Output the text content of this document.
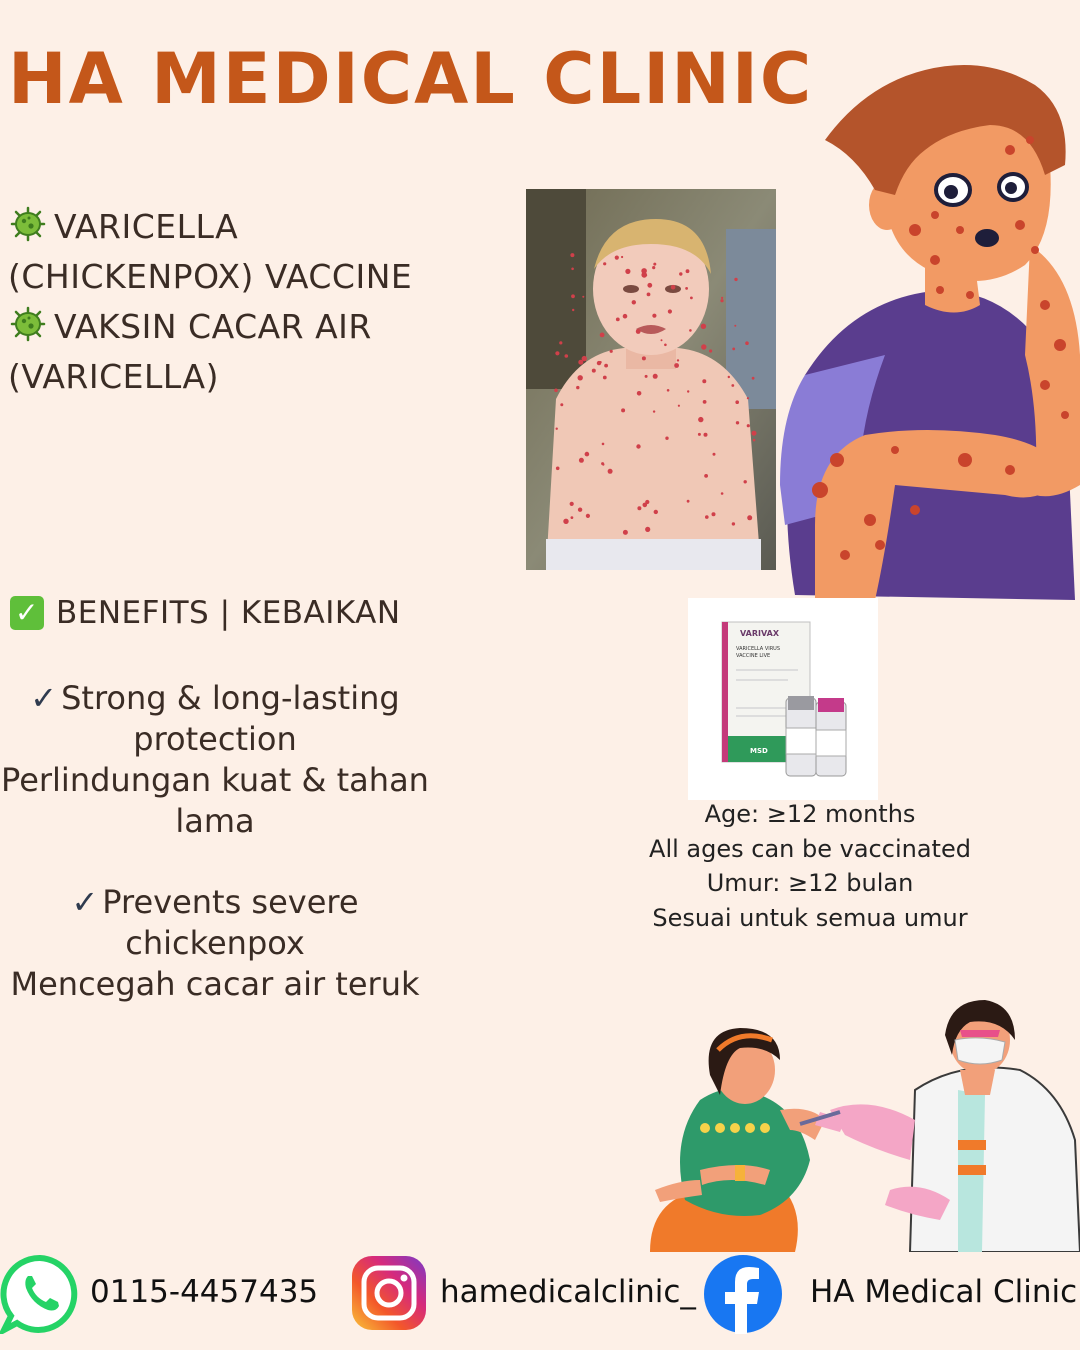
HA MEDICAL CLINIC
VARICELLA
(CHICKENPOX) VACCINE
VAKSIN CACAR AIR
(VARICELLA)
✓ BENEFITS | KEBAIKAN
✓ Strong & long-lasting
protection
Perlindungan kuat & tahan
lama
✓ Prevents severe
chickenpox
Mencegah cacar air teruk
VARIVAX
VARICELLA VIRUS
VACCINE LIVE
MSD
Age: ≥12 months
All ages can be vaccinated
Umur: ≥12 bulan
Sesuai untuk semua umur
0115-4457435	hamedicalclinic_	HA Medical Clinic
